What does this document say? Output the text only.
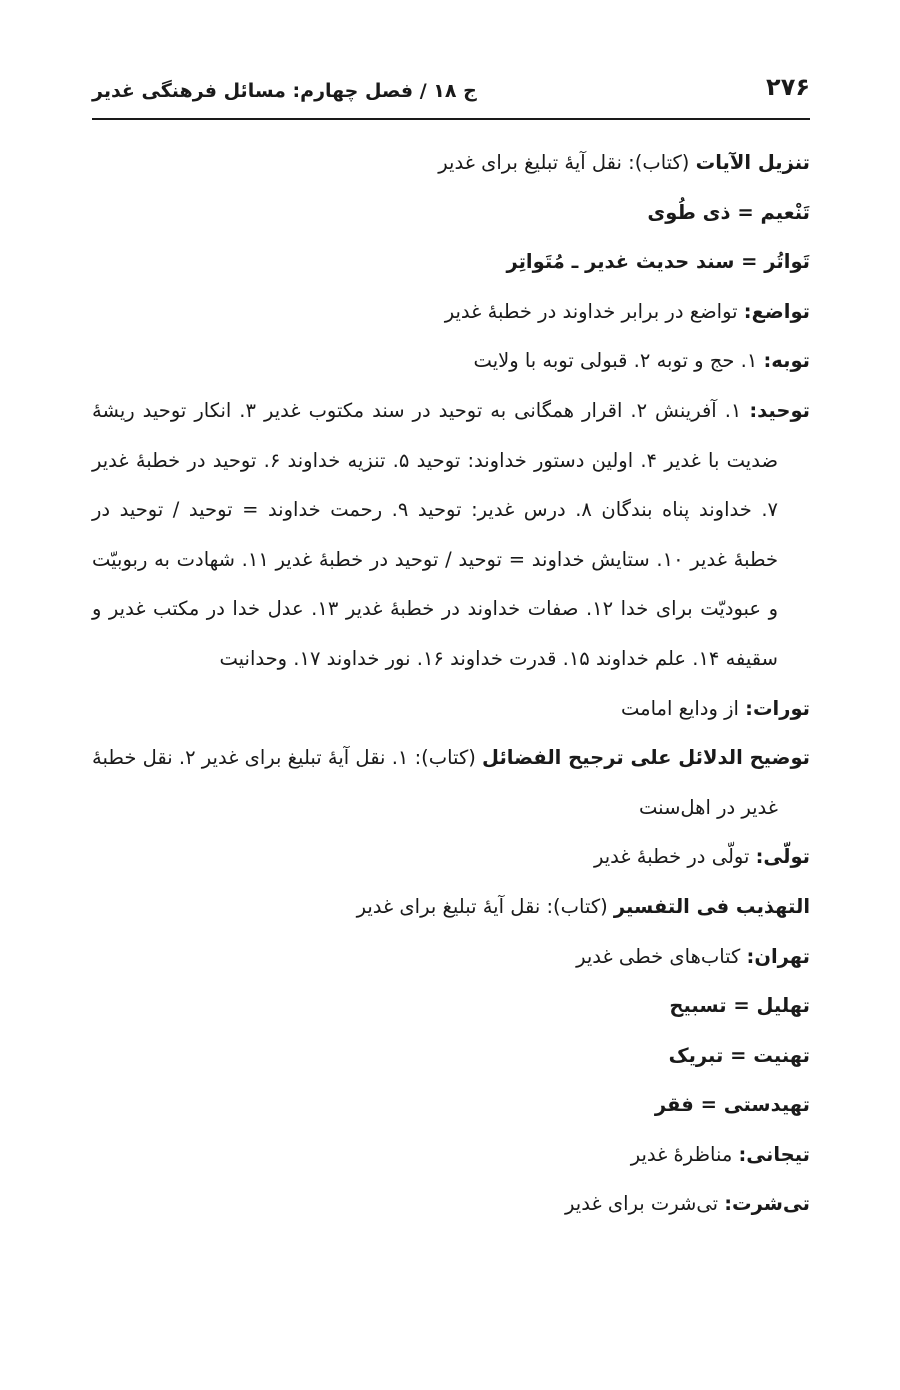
۲۷۶
ج ۱۸ / فصل چهارم: مسائل فرهنگی غدیر
تنزیل الآیات (کتاب): نقل آیهٔ تبلیغ برای غدیر
تَنْعیم = ذی طُوی
تَواتُر = سند حدیث غدیر ـ مُتَواتِر
تواضع: تواضع در برابر خداوند در خطبهٔ غدیر
توبه: ۱. حج و توبه ۲. قبولی توبه با ولایت
توحید: ۱. آفرینش ۲. اقرار همگانی به توحید در سند مکتوب غدیر ۳. انکار توحید ریشهٔ ضدیت با غدیر ۴. اولین دستور خداوند: توحید ۵. تنزیه خداوند ۶. توحید در خطبهٔ غدیر ۷. خداوند پناه بندگان ۸. درس غدیر: توحید ۹. رحمت خداوند = توحید / توحید در خطبهٔ غدیر ۱۰. ستایش خداوند = توحید / توحید در خطبهٔ غدیر ۱۱. شهادت به ربوبیّت و عبودیّت برای خدا ۱۲. صفات خداوند در خطبهٔ غدیر ۱۳. عدل خدا در مکتب غدیر و سقیفه ۱۴. علم خداوند ۱۵. قدرت خداوند ۱۶. نور خداوند ۱۷. وحدانیت
تورات: از ودایع امامت
توضیح الدلائل علی ترجیح الفضائل (کتاب): ۱. نقل آیهٔ تبلیغ برای غدیر ۲. نقل خطبهٔ غدیر در اهل‌سنت
تولّی: تولّی در خطبهٔ غدیر
التهذیب فی التفسیر (کتاب): نقل آیهٔ تبلیغ برای غدیر
تهران: کتاب‌های خطی غدیر
تهلیل = تسبیح
تهنیت = تبریک
تهیدستی = فقر
تیجانی: مناظرهٔ غدیر
تی‌شرت: تی‌شرت برای غدیر
